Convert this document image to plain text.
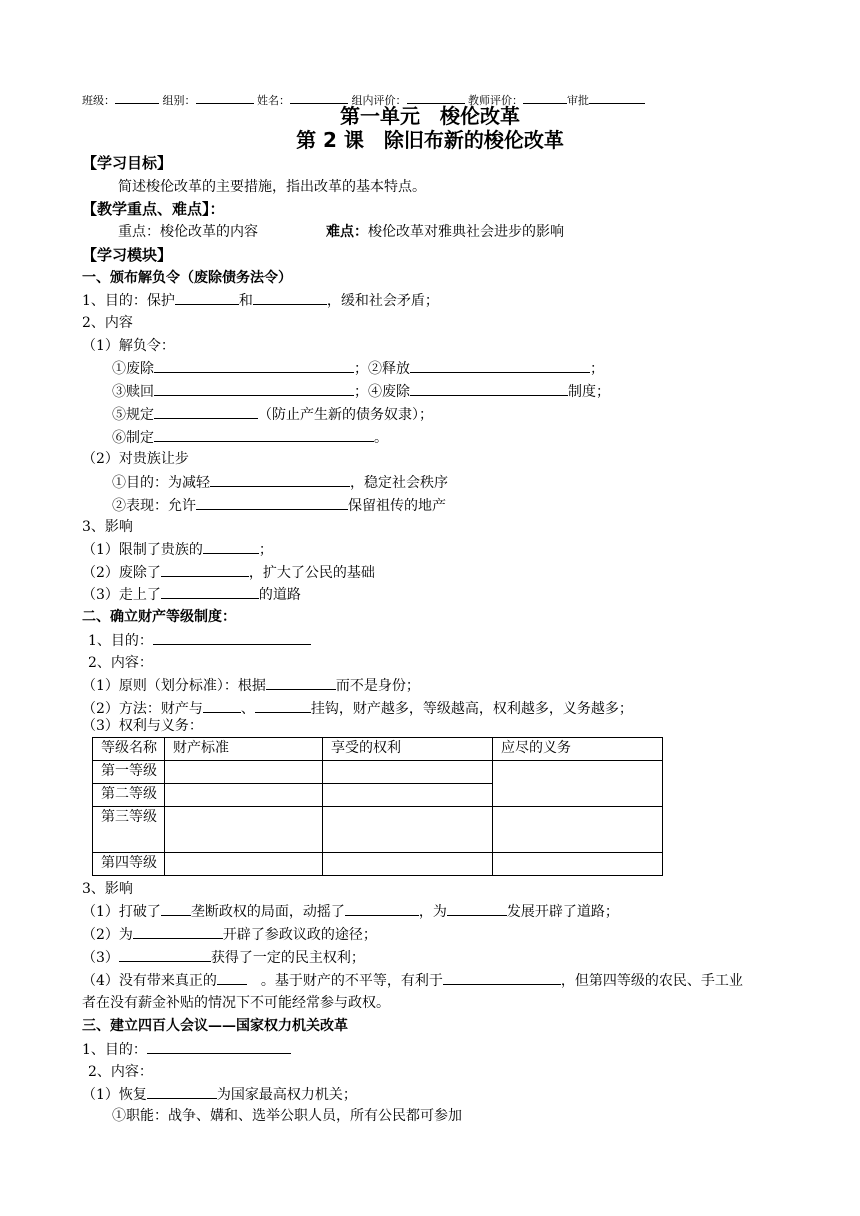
班级：	组别：	姓名：	组内评价：	教师评价：	审批
第一单元　梭伦改革
第 2 课　除旧布新的梭伦改革
【学习目标】
简述梭伦改革的主要措施，指出改革的基本特点。
【教学重点、难点】：
重点：梭伦改革的内容	难点：梭伦改革对雅典社会进步的影响
【学习模块】
一、颁布解负令（废除债务法令）
1、目的：保护	和	，缓和社会矛盾；
2、内容
（1）解负令：
①废除	；②释放	；
③赎回	；④废除	制度；
⑤规定	（防止产生新的债务奴隶）；
⑥制定	。
（2）对贵族让步
①目的：为减轻	，稳定社会秩序
②表现：允许	保留祖传的地产
3、影响
（1）限制了贵族的	；
（2）废除了	，扩大了公民的基础
（3）走上了	的道路
二、确立财产等级制度：
1、目的：
2、内容：
（1）原则（划分标准）：根据	而不是身份；
（2）方法：财产与	、	挂钩，财产越多，等级越高，权利越多，义务越多；
（3）权利与义务：
等级名称	财产标准	享受的权利	应尽的义务
第一等级			
第二等级			
第三等级			
第四等级			
3、影响
（1）打破了 垄断政权的局面，动摇了	，为	发展开辟了道路；
（2）为	开辟了参政议政的途径；
（3）	获得了一定的民主权利；
（4）没有带来真正的　	。基于财产的不平等，有利于	，但第四等级的农民、手工业
者在没有薪金补贴的情况下不可能经常参与政权。
三、建立四百人会议——国家权力机关改革
1、目的：
2、内容：
（1）恢复	为国家最高权力机关；
①职能：战争、媾和、选举公职人员，所有公民都可参加
